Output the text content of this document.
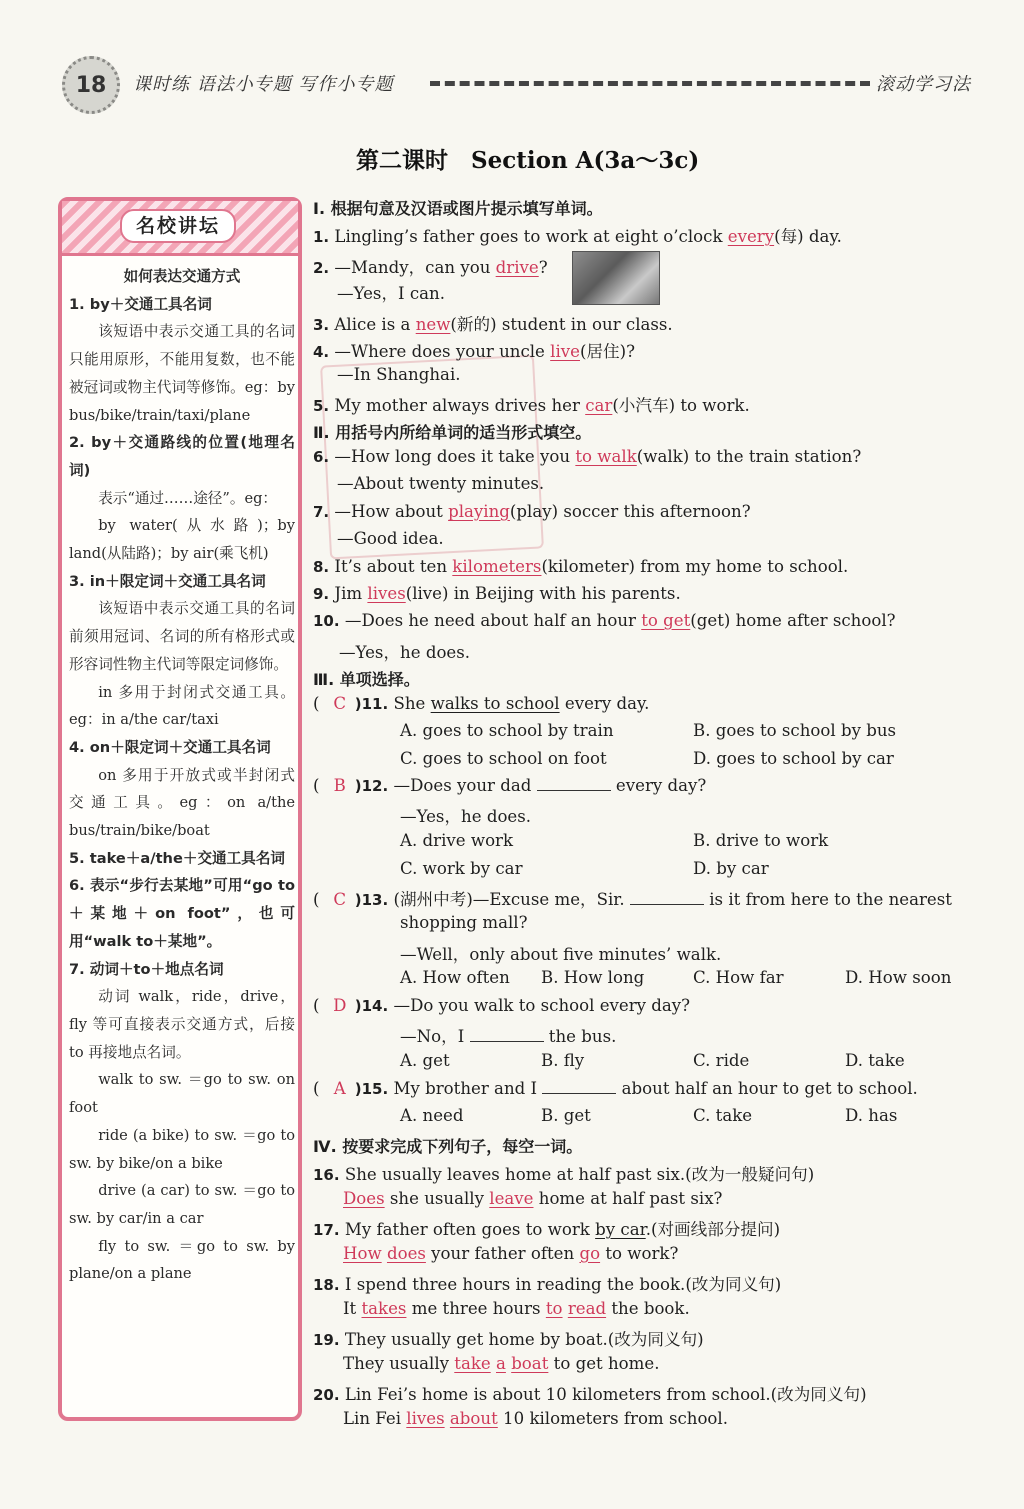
18	课时练 语法小专题 写作小专题	滚动学习法
第二课时　Section A(3a～3c)
名校讲坛

如何表达交通方式

1. by＋交通工具名词

该短语中表示交通工具的名词只能用原形，不能用复数，也不能被冠词或物主代词等修饰。eg：by bus/bike/train/taxi/plane

2. by＋交通路线的位置(地理名词)

表示“通过……途径”。eg：

by water(从水路)；by land(从陆路)；by air(乘飞机)

3. in＋限定词＋交通工具名词

该短语中表示交通工具的名词前须用冠词、名词的所有格形式或形容词性物主代词等限定词修饰。

in 多用于封闭式交通工具。eg：in a/the car/taxi

4. on＋限定词＋交通工具名词

on 多用于开放式或半封闭式交通工具。eg：on a/the bus/train/bike/boat

5. take＋a/the＋交通工具名词

6. 表示“步行去某地”可用“go to＋某地＋on foot”，也可用“walk to＋某地”。

7. 动词＋to＋地点名词

动词 walk，ride，drive，fly 等可直接表示交通方式，后接 to 再接地点名词。

walk to sw. ＝go to sw. on foot

ride (a bike) to sw. ＝go to sw. by bike/on a bike

drive (a car) to sw. ＝go to sw. by car/in a car

fly to sw. ＝go to sw. by plane/on a plane

Ⅰ. 根据句意及汉语或图片提示填写单词。
1. Lingling’s father goes to work at eight o’clock every(每) day.
2. —Mandy，can you drive?
—Yes，I can.
3. Alice is a new(新的) student in our class.
4. —Where does your uncle live(居住)?
—In Shanghai.
5. My mother always drives her car(小汽车) to work.
Ⅱ. 用括号内所给单词的适当形式填空。
6. —How long does it take you to walk(walk) to the train station?
—About twenty minutes.
7. —How about playing(play) soccer this afternoon?
—Good idea.
8. It’s about ten kilometers(kilometer) from my home to school.
9. Jim lives(live) in Beijing with his parents.
10. —Does he need about half an hour to get(get) home after school?
—Yes，he does.
Ⅲ. 单项选择。
( C )11. She walks to school every day.
A. goes to school by train	B. goes to school by bus
C. goes to school on foot	D. goes to school by car
( B )12. —Does your dad	every day?
—Yes，he does.
A. drive work	B. drive to work
C. work by car	D. by car
( C )13. (湖州中考)—Excuse me，Sir.	is it from here to the nearest
shopping mall?
—Well，only about five minutes’ walk.
A. How often B. How long	C. How far	D. How soon
( D )14. —Do you walk to school every day?
—No，I	the bus.
A. get	B. fly	C. ride	D. take
( A )15. My brother and I	about half an hour to get to school.
A. need	B. get	C. take	D. has
Ⅳ. 按要求完成下列句子，每空一词。
16. She usually leaves home at half past six.(改为一般疑问句)
Does she usually leave home at half past six?
17. My father often goes to work by car.(对画线部分提问)
How does your father often go to work?
18. I spend three hours in reading the book.(改为同义句)
It takes me three hours to read the book.
19. They usually get home by boat.(改为同义句)
They usually take a boat to get home.
20. Lin Fei’s home is about 10 kilometers from school.(改为同义句)
Lin Fei lives about 10 kilometers from school.
